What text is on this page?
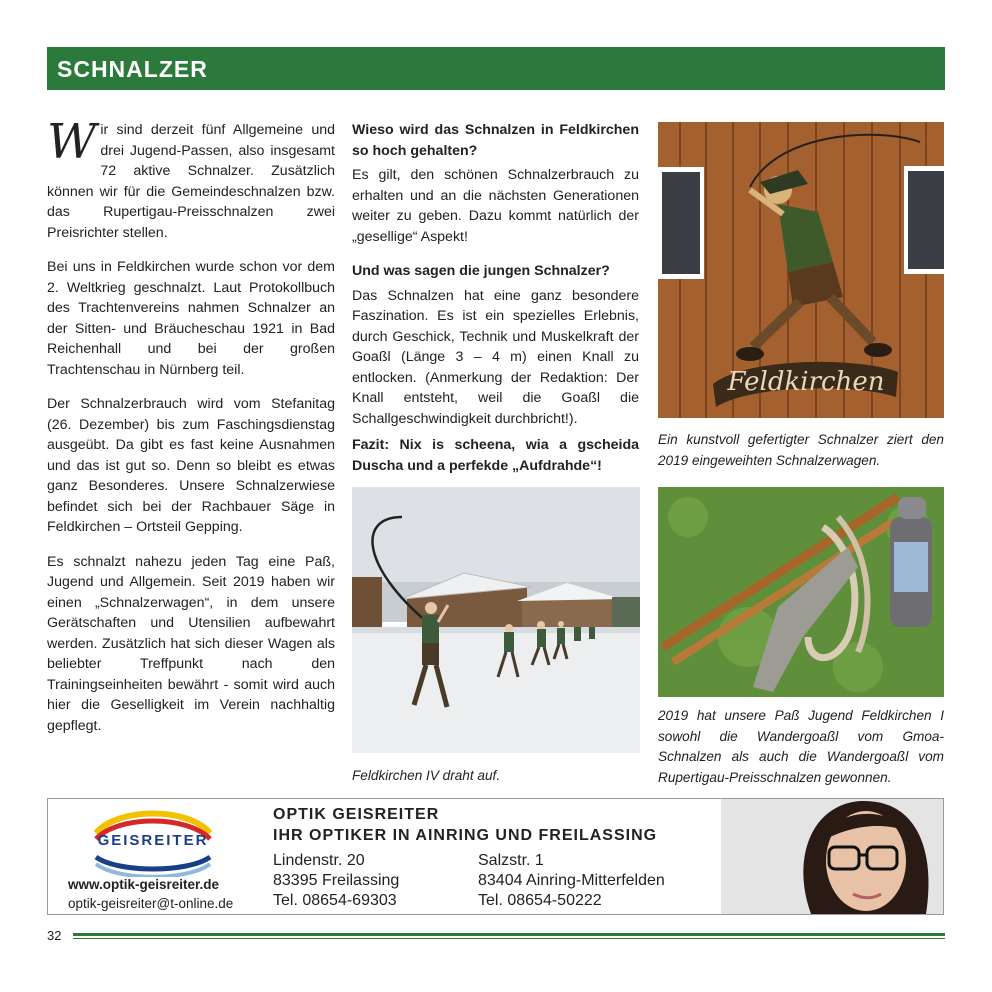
SCHNALZER

Wir sind derzeit fünf Allgemeine und drei Jugend-Passen, also insgesamt 72 aktive Schnalzer. Zusätzlich können wir für die Gemeindeschnalzen bzw. das Rupertigau-Preisschnalzen zwei Preisrichter stellen.

Bei uns in Feldkirchen wurde schon vor dem 2. Weltkrieg geschnalzt. Laut Protokollbuch des Trachtenvereins nahmen Schnalzer an der Sitten- und Bräucheschau 1921 in Bad Reichenhall und bei der großen Trachtenschau in Nürnberg teil.

Der Schnalzerbrauch wird vom Stefanitag (26. Dezember) bis zum Faschingsdienstag ausgeübt. Da gibt es fast keine Ausnahmen und das ist gut so. Denn so bleibt es etwas ganz Besonderes. Unsere Schnalzerwiese befindet sich bei der Rachbauer Säge in Feldkirchen – Ortsteil Gepping.

Es schnalzt nahezu jeden Tag eine Paß, Jugend und Allgemein. Seit 2019 haben wir einen „Schnalzerwagen“, in dem unsere Gerätschaften und Utensilien aufbewahrt werden. Zusätzlich hat sich dieser Wagen als beliebter Treffpunkt nach den Trainingseinheiten bewährt - somit wird auch hier die Geselligkeit im Verein nachhaltig gepflegt.

Wieso wird das Schnalzen in Feldkirchen so hoch gehalten?

Es gilt, den schönen Schnalzerbrauch zu erhalten und an die nächsten Generationen weiter zu geben. Dazu kommt natürlich der „gesellige“ Aspekt!

Und was sagen die jungen Schnalzer?

Das Schnalzen hat eine ganz besondere Faszination. Es ist ein spezielles Erlebnis, durch Geschick, Technik und Muskelkraft der Goaßl (Länge 3 – 4 m) einen Knall zu entlocken. (Anmerkung der Redaktion: Der Knall entsteht, weil die Goaßl die Schallgeschwindigkeit durchbricht!).

Fazit: Nix is scheena, wia a gscheida Duscha und a perfekde „Aufdrahde“!

Feldkirchen IV draht auf.
Feldkirchen
Ein kunstvoll gefertigter Schnalzer ziert den 2019 eingeweihten Schnalzerwagen.
2019 hat unsere Paß Jugend Feldkirchen I sowohl die Wandergoaßl vom Gmoa-Schnalzen als auch die Wandergoaßl vom Rupertigau-Preisschnalzen gewonnen.
GEISREITER
www.optik-geisreiter.de
optik-geisreiter@t-online.de
OPTIK GEISREITER
IHR OPTIKER IN AINRING UND FREILASSING
Lindenstr. 20
83395 Freilassing
Tel. 08654-69303
Salzstr. 1
83404 Ainring-Mitterfelden
Tel. 08654-50222
32
